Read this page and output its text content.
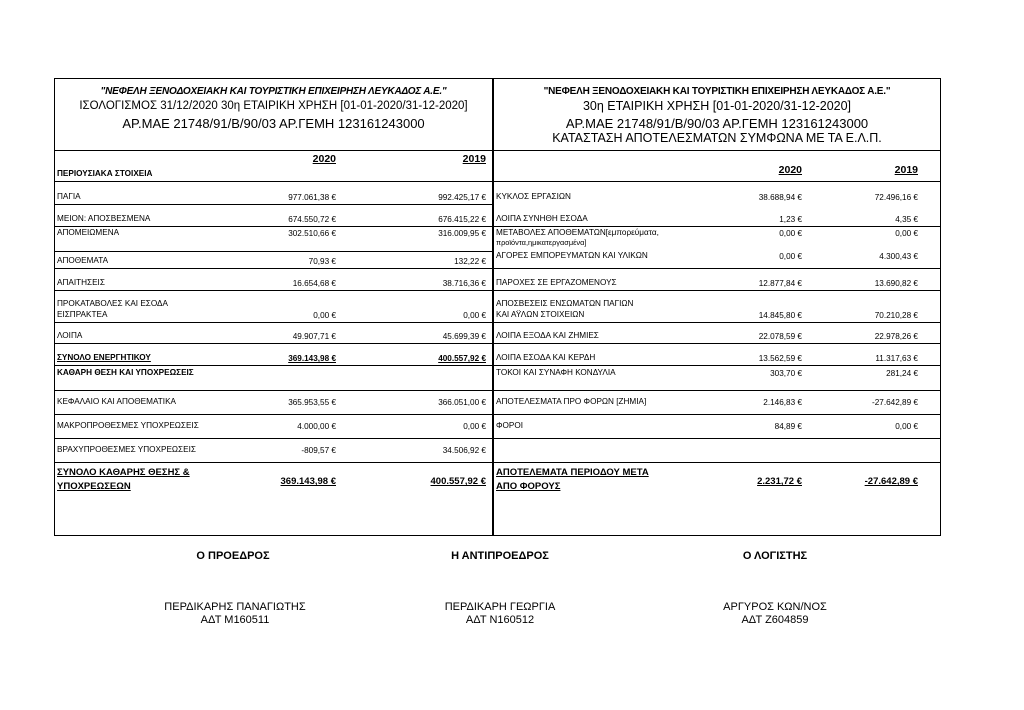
"ΝΕΦΕΛΗ ΞΕΝΟΔΟΧΕΙΑΚΗ ΚΑΙ ΤΟΥΡΙΣΤΙΚΗ ΕΠΙΧΕΙΡΗΣΗ ΛΕΥΚΑΔΟΣ Α.Ε."
ΙΣΟΛΟΓΙΣΜΟΣ 31/12/2020 30η ΕΤΑΙΡΙΚΗ ΧΡΗΣΗ [01-01-2020/31-12-2020]
ΑΡ.ΜΑΕ 21748/91/Β/90/03 ΑΡ.ΓΕΜΗ 123161243000
2020	2019
ΠΕΡΙΟΥΣΙΑΚΑ ΣΤΟΙΧΕΙΑ
ΠΑΓΙΑ	977.061,38 €	992.425,17 €
ΜΕΙΟΝ: ΑΠΟΣΒΕΣΜΕΝΑ	674.550,72 €	676.415,22 €
ΑΠΟΜΕΙΩΜΕΝΑ	302.510,66 €	316.009,95 €
ΑΠΟΘΕΜΑΤΑ	70,93 €	132,22 €
ΑΠΑΙΤΗΣΕΙΣ	16.654,68 €	38.716,36 €
ΠΡΟΚΑΤΑΒΟΛΕΣ ΚΑΙ ΕΣΟΔΑ
ΕΙΣΠΡΑΚΤΕΑ	0,00 €	0,00 €
ΛΟΙΠΑ	49.907,71 €	45.699,39 €
ΣΥΝΟΛΟ ΕΝΕΡΓΗΤΙΚΟΥ	369.143,98 €	400.557,92 €
ΚΑΘΑΡΗ ΘΕΣΗ ΚΑΙ ΥΠΟΧΡΕΩΣΕΙΣ
ΚΕΦΑΛΑΙΟ ΚΑΙ ΑΠΟΘΕΜΑΤΙΚΑ	365.953,55 €	366.051,00 €
ΜΑΚΡΟΠΡΟΘΕΣΜΕΣ ΥΠΟΧΡΕΩΣΕΙΣ	4.000,00 €	0,00 €
ΒΡΑΧΥΠΡΟΘΕΣΜΕΣ ΥΠΟΧΡΕΩΣΕΙΣ	-809,57 €	34.506,92 €
ΣΥΝΟΛΟ ΚΑΘΑΡΗΣ ΘΕΣΗΣ &
ΥΠΟΧΡΕΩΣΕΩΝ	369.143,98 €	400.557,92 €
"ΝΕΦΕΛΗ ΞΕΝΟΔΟΧΕΙΑΚΗ ΚΑΙ ΤΟΥΡΙΣΤΙΚΗ ΕΠΙΧΕΙΡΗΣΗ ΛΕΥΚΑΔΟΣ Α.Ε."
30η ΕΤΑΙΡΙΚΗ ΧΡΗΣΗ [01-01-2020/31-12-2020]
ΑΡ.ΜΑΕ 21748/91/Β/90/03 ΑΡ.ΓΕΜΗ 123161243000
ΚΑΤΑΣΤΑΣΗ ΑΠΟΤΕΛΕΣΜΑΤΩΝ ΣΥΜΦΩΝΑ ΜΕ ΤΑ Ε.Λ.Π.
2020	2019
ΚΥΚΛΟΣ ΕΡΓΑΣΙΩΝ	38.688,94 €	72.496,16 €
ΛΟΙΠΑ ΣΥΝΗΘΗ ΕΣΟΔΑ	1,23 €	4,35 €
ΜΕΤΑΒΟΛΕΣ ΑΠΟΘΕΜΑΤΩΝ[εμπορεύματα,
προϊόντα,ημικατεργασμένα]
0,00 €	0,00 €
ΑΓΟΡΕΣ ΕΜΠΟΡΕΥΜΑΤΩΝ ΚΑΙ ΥΛΙΚΩΝ	0,00 €	4.300,43 €
ΠΑΡΟΧΕΣ ΣΕ ΕΡΓΑΖΟΜΕΝΟΥΣ	12.877,84 €	13.690,82 €
ΑΠΟΣΒΕΣΕΙΣ ΕΝΣΩΜΑΤΩΝ ΠΑΓΙΩΝ
ΚΑΙ ΑΫΛΩΝ ΣΤΟΙΧΕΙΩΝ	14.845,80 €	70.210,28 €
ΛΟΙΠΑ ΕΞΟΔΑ ΚΑΙ ΖΗΜΙΕΣ	22.078,59 €	22.978,26 €
ΛΟΙΠΑ ΕΣΟΔΑ ΚΑΙ ΚΕΡΔΗ	13.562,59 €	11.317,63 €
ΤΟΚΟΙ ΚΑΙ ΣΥΝΑΦΗ ΚΟΝΔΥΛΙΑ	303,70 €	281,24 €
ΑΠΟΤΕΛΕΣΜΑΤΑ ΠΡΟ ΦΟΡΩΝ [ΖΗΜΙΑ]	2.146,83 €	-27.642,89 €
ΦΟΡΟΙ	84,89 €	0,00 €
ΑΠΟΤΕΛΕΜΑΤΑ ΠΕΡΙΟΔΟΥ ΜΕΤΑ
ΑΠΟ ΦΟΡΟΥΣ	2.231,72 €	-27.642,89 €
Ο ΠΡΟΕΔΡΟΣ	Η ΑΝΤΙΠΡΟΕΔΡΟΣ	Ο ΛΟΓΙΣΤΗΣ
ΠΕΡΔΙΚΑΡΗΣ ΠΑΝΑΓΙΩΤΗΣ
ΑΔΤ Μ160511
ΠΕΡΔΙΚΑΡΗ ΓΕΩΡΓΙΑ
ΑΔΤ Ν160512
ΑΡΓΥΡΟΣ ΚΩΝ/ΝΟΣ
ΑΔΤ Ζ604859
